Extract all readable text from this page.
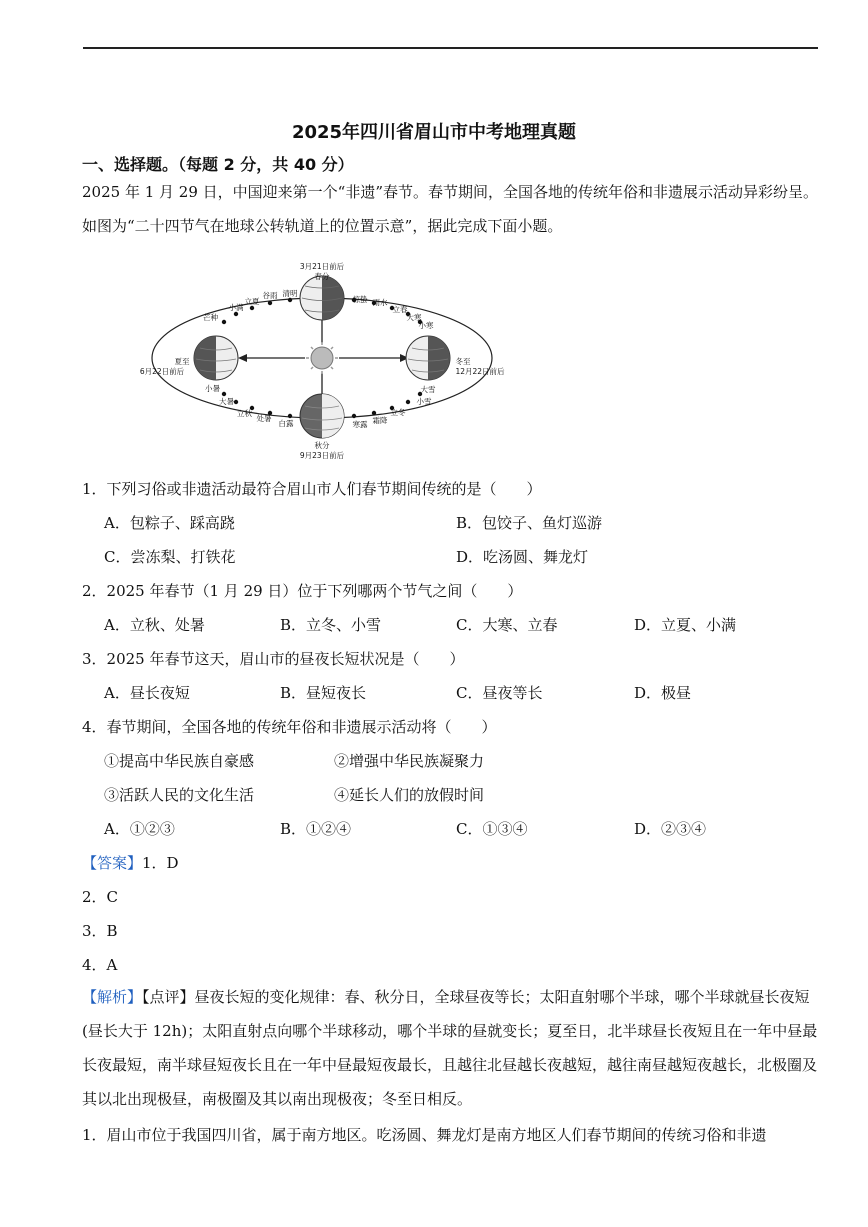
2025年四川省眉山市中考地理真题
一、选择题。（每题 2 分，共 40 分）
2025 年 1 月 29 日，中国迎来第一个“非遗”春节。春节期间，全国各地的传统年俗和非遗展示活动异彩纷呈。如图为“二十四节气在地球公转轨道上的位置示意”，据此完成下面小题。
3月21日前后
春分
秋分
9月23日前后
夏至
6月22日前后
冬至
12月22日前后
清明
谷雨
立夏
小满
芒种
小暑
大暑
立秋
处暑
白露	寒露 霜降
立冬
小雪
大雪
小寒
大寒
立春
雨水
惊蛰
1．下列习俗或非遗活动最符合眉山市人们春节期间传统的是（　　）
A．包粽子、踩高跷	B．包饺子、鱼灯巡游
C．尝冻梨、打铁花	D．吃汤圆、舞龙灯
2．2025 年春节（1 月 29 日）位于下列哪两个节气之间（　　）
A．立秋、处暑	B．立冬、小雪	C．大寒、立春	D．立夏、小满
3．2025 年春节这天，眉山市的昼夜长短状况是（　　）
A．昼长夜短	B．昼短夜长	C．昼夜等长	D．极昼
4．春节期间，全国各地的传统年俗和非遗展示活动将（　　）
①提高中华民族自豪感	②增强中华民族凝聚力
③活跃人民的文化生活	④延长人们的放假时间
A．①②③	B．①②④	C．①③④	D．②③④
【答案】1．D
2．C
3．B
4．A
【解析】【点评】昼夜长短的变化规律：春、秋分日，全球昼夜等长；太阳直射哪个半球，哪个半球就昼长夜短(昼长大于 12h)；太阳直射点向哪个半球移动，哪个半球的昼就变长；夏至日，北半球昼长夜短且在一年中昼最长夜最短，南半球昼短夜长且在一年中昼最短夜最长，且越往北昼越长夜越短，越往南昼越短夜越长，北极圈及其以北出现极昼，南极圈及其以南出现极夜；冬至日相反。
1．眉山市位于我国四川省，属于南方地区。吃汤圆、舞龙灯是南方地区人们春节期间的传统习俗和非遗
